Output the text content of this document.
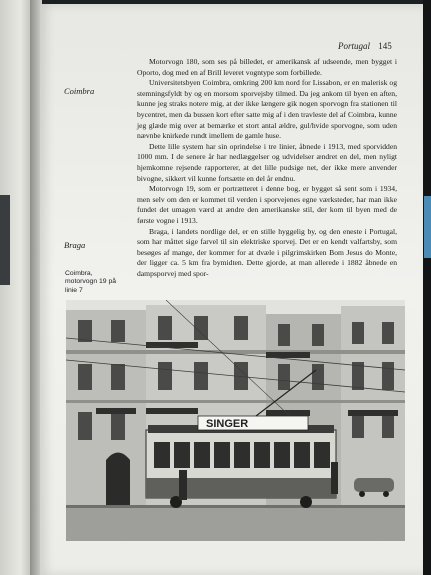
Portugal 145
Coimbra
Braga
Coimbra,
motorvogn 19 på
linie 7

Motorvogn 180, som ses på billedet, er amerikansk af udseende, men bygget i Oporto, dog med en af Brill leveret vogntype som forbillede.

Universitetsbyen Coimbra, omkring 200 km nord for Lissabon, er en malerisk og stemningsfyldt by og en morsom sporvejsby tilmed. Da jeg ankom til byen en aften, kunne jeg straks notere mig, at der ikke længere gik nogen sporvogn fra stationen til bycentret, men da bussen kort efter satte mig af i den travleste del af Coimbra, kunne jeg glæde mig over at bemærke et stort antal ældre, gul/hvide sporvogne, som uden nævnbe knirkede rundt imellem de gamle huse.

Dette lille system har sin oprindelse i tre linier, åbnede i 1913, med sporvidden 1000 mm. I de senere år har nedlæggelser og udvidelser ændret en del, men nyligt hjemkomne rejsende rapporterer, at det lille pudsige net, der ikke mere anvender bivogne, sikkert vil kunne fortsætte en del år endnu.

Motorvogn 19, som er portrætteret i denne bog, er bygget så sent som i 1934, men selv om den er kommet til verden i sporvejenes egne værksteder, har man ikke fundet det umagen værd at ændre den amerikanske stil, der kom til byen med de første vogne i 1913.

Braga, i landets nordlige del, er en stille hyggelig by, og den eneste i Portugal, som har måttet sige farvel til sin elektriske sporvej. Det er en kendt valfartsby, som besøges af mange, der kommer for at dvæle i pilgrimskirken Bom Jesus do Monte, der ligger ca. 5 km fra bymidten. Dette gjorde, at man allerede i 1882 åbnede en dampsporvej med spor-

SINGER
